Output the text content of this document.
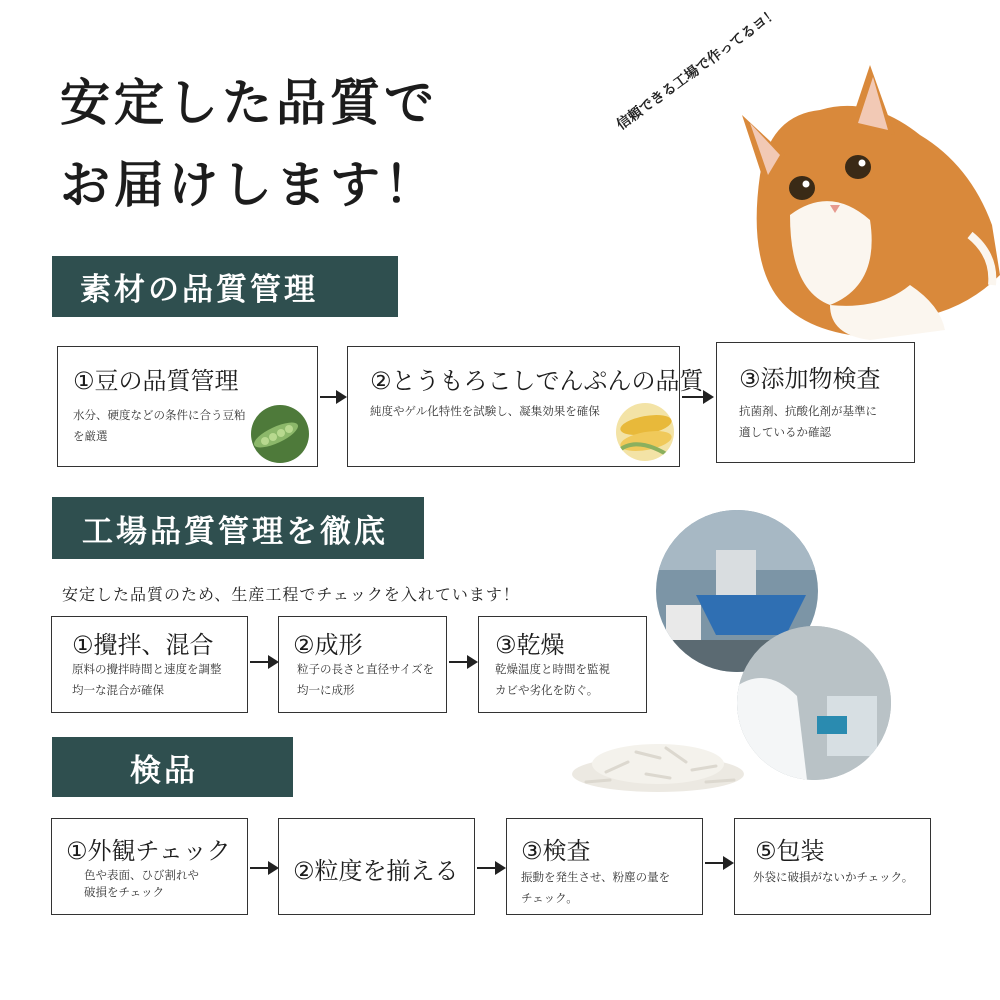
安定した品質で
お届けします！
信頼できる工場で作ってるヨ！
素材の品質管理
①豆の品質管理
水分、硬度などの条件に合う豆粕
を厳選
②とうもろこしでんぷんの品質
純度やゲル化特性を試験し、凝集効果を確保
③添加物検査
抗菌剤、抗酸化剤が基準に
適しているか確認
工場品質管理を徹底
安定した品質のため、生産工程でチェックを入れています！
①攪拌、混合
原料の攪拌時間と速度を調整
均一な混合が確保
②成形
粒子の長さと直径サイズを
均一に成形
③乾燥
乾燥温度と時間を監視
カビや劣化を防ぐ。
検品
①外観チェック
色や表面、ひび割れや
破損をチェック
②粒度を揃える
③検査
振動を発生させ、粉塵の量を
チェック。
⑤包装
外袋に破損がないかチェック。
